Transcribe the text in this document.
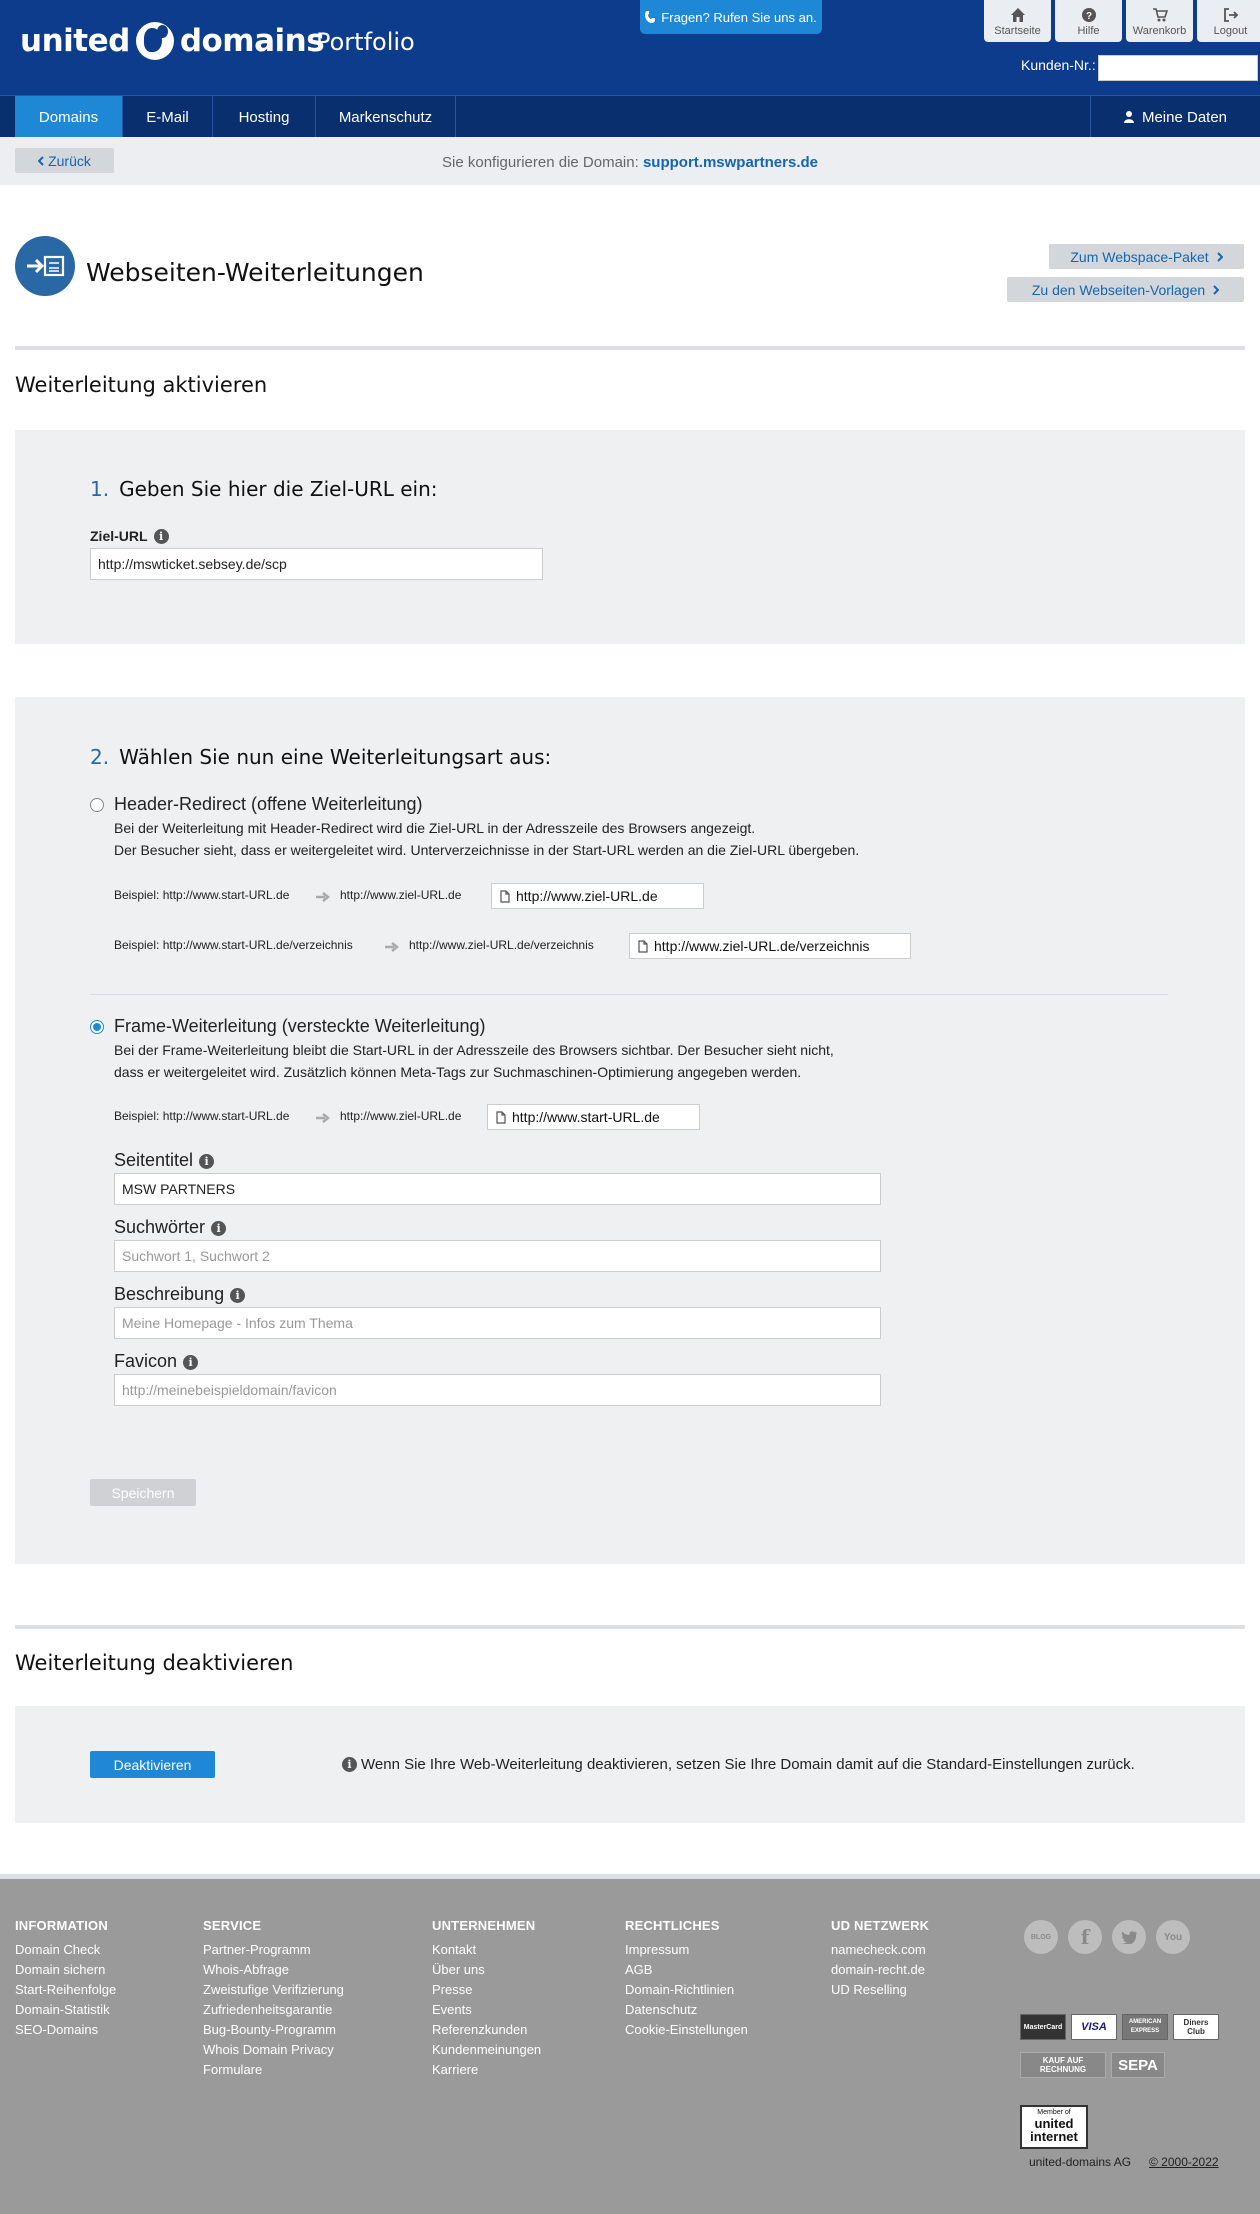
united domains
Portfolio
Fragen? Rufen Sie uns an.
Startseite
?
Hilfe	Warenkorb Logout
Kunden-Nr.:
Domains	E-Mail	Hosting	Markenschutz	Meine Daten
Zurück	Sie konfigurieren die Domain: support.mswpartners.de
Webseiten-Weiterleitungen
Zum Webspace-Paket
Zu den Webseiten-Vorlagen
Weiterleitung aktivieren
1. Geben Sie hier die Ziel-URL ein:
Ziel-URL i
http://mswticket.sebsey.de/scp
2. Wählen Sie nun eine Weiterleitungsart aus:
Header-Redirect (offene Weiterleitung)
Bei der Weiterleitung mit Header-Redirect wird die Ziel-URL in der Adresszeile des Browsers angezeigt.
Der Besucher sieht, dass er weitergeleitet wird. Unterverzeichnisse in der Start-URL werden an die Ziel-URL übergeben.
Beispiel: http://www.start-URL.de	http://www.ziel-URL.de	http://www.ziel-URL.de
Beispiel: http://www.start-URL.de/verzeichnis	http://www.ziel-URL.de/verzeichnis	http://www.ziel-URL.de/verzeichnis
Frame-Weiterleitung (versteckte Weiterleitung)
Bei der Frame-Weiterleitung bleibt die Start-URL in der Adresszeile des Browsers sichtbar. Der Besucher sieht nicht,
dass er weitergeleitet wird. Zusätzlich können Meta-Tags zur Suchmaschinen-Optimierung angegeben werden.
Beispiel: http://www.start-URL.de	http://www.ziel-URL.de	http://www.start-URL.de
Seitentitel i
MSW PARTNERS
Suchwörter i
Suchwort 1, Suchwort 2
Beschreibung i
Meine Homepage - Infos zum Thema
Favicon i
http://meinebeispieldomain/favicon
Speichern
Weiterleitung deaktivieren
Deaktivieren	i Wenn Sie Ihre Web-Weiterleitung deaktivieren, setzen Sie Ihre Domain damit auf die Standard-Einstellungen zurück.
INFORMATION
Domain Check
Domain sichern
Start-Reihenfolge
Domain-Statistik
SEO-Domains
SERVICE
Partner-Programm
Whois-Abfrage
Zweistufige Verifizierung
Zufriedenheitsgarantie
Bug-Bounty-Programm
Whois Domain Privacy
Formulare
UNTERNEHMEN
Kontakt
Über uns
Presse
Events
Referenzkunden
Kundenmeinungen
Karriere
RECHTLICHES
Impressum
AGB
Domain-Richtlinien
Datenschutz
Cookie-Einstellungen
UD NETZWERK
namecheck.com
domain-recht.de
UD Reselling
BLOG	f	You
MasterCard	VISA	AMERICAN EXPRESS
Diners Club
KAUF AUF RECHNUNG	SEPA
Member of
united internet
united-domains AG © 2000-2022
